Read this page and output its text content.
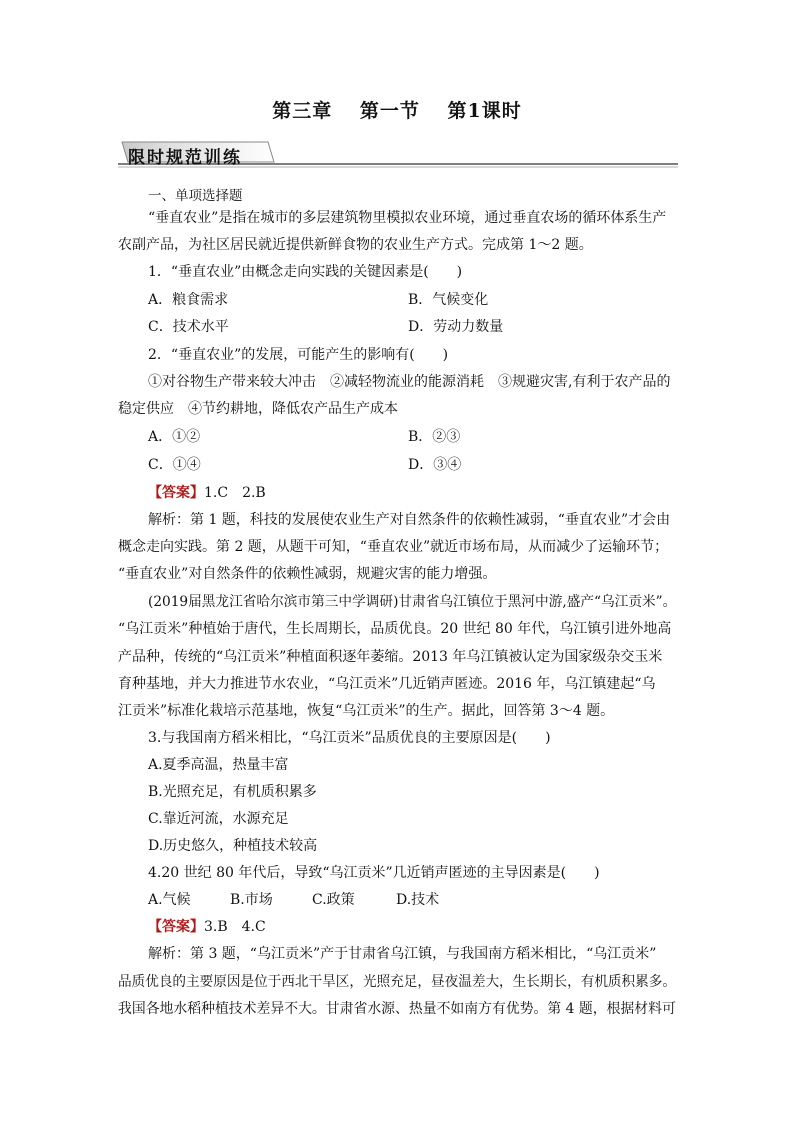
第三章 第一节 第1课时
限时规范训练
一、单项选择题
“垂直农业”是指在城市的多层建筑物里模拟农业环境，通过垂直农场的循环体系生产
农副产品，为社区居民就近提供新鲜食物的农业生产方式。完成第 1～2 题。
1．“垂直农业”由概念走向实践的关键因素是(　　)
A．粮食需求	B．气候变化
C．技术水平	D．劳动力数量
2．“垂直农业”的发展，可能产生的影响有(　　)
①对谷物生产带来较大冲击　②减轻物流业的能源消耗　③规避灾害,有利于农产品的
稳定供应　④节约耕地，降低农产品生产成本
A．①②	B．②③
C．①④	D．③④
【答案】1.C　2.B
解析：第 1 题，科技的发展使农业生产对自然条件的依赖性减弱，“垂直农业”才会由
概念走向实践。第 2 题，从题干可知，“垂直农业”就近市场布局，从而减少了运输环节；
“垂直农业”对自然条件的依赖性减弱，规避灾害的能力增强。
(2019届黑龙江省哈尔滨市第三中学调研)甘肃省乌江镇位于黑河中游,盛产“乌江贡米”。
“乌江贡米”种植始于唐代，生长周期长，品质优良。20 世纪 80 年代，乌江镇引进外地高
产品种，传统的“乌江贡米”种植面积逐年萎缩。2013 年乌江镇被认定为国家级杂交玉米
育种基地，并大力推进节水农业，“乌江贡米”几近销声匿迹。2016 年，乌江镇建起“乌
江贡米”标准化栽培示范基地，恢复“乌江贡米”的生产。据此，回答第 3～4 题。
3.与我国南方稻米相比，“乌江贡米”品质优良的主要原因是(　　)
A.夏季高温，热量丰富
B.光照充足，有机质积累多
C.靠近河流，水源充足
D.历史悠久，种植技术较高
4.20 世纪 80 年代后，导致“乌江贡米”几近销声匿迹的主导因素是(　　)
A.气候	B.市场	C.政策	D.技术
【答案】3.B　4.C
解析：第 3 题，“乌江贡米”产于甘肃省乌江镇，与我国南方稻米相比，“乌江贡米”
品质优良的主要原因是位于西北干旱区，光照充足，昼夜温差大，生长期长，有机质积累多。
我国各地水稻种植技术差异不大。甘肃省水源、热量不如南方有优势。第 4 题，根据材料可
